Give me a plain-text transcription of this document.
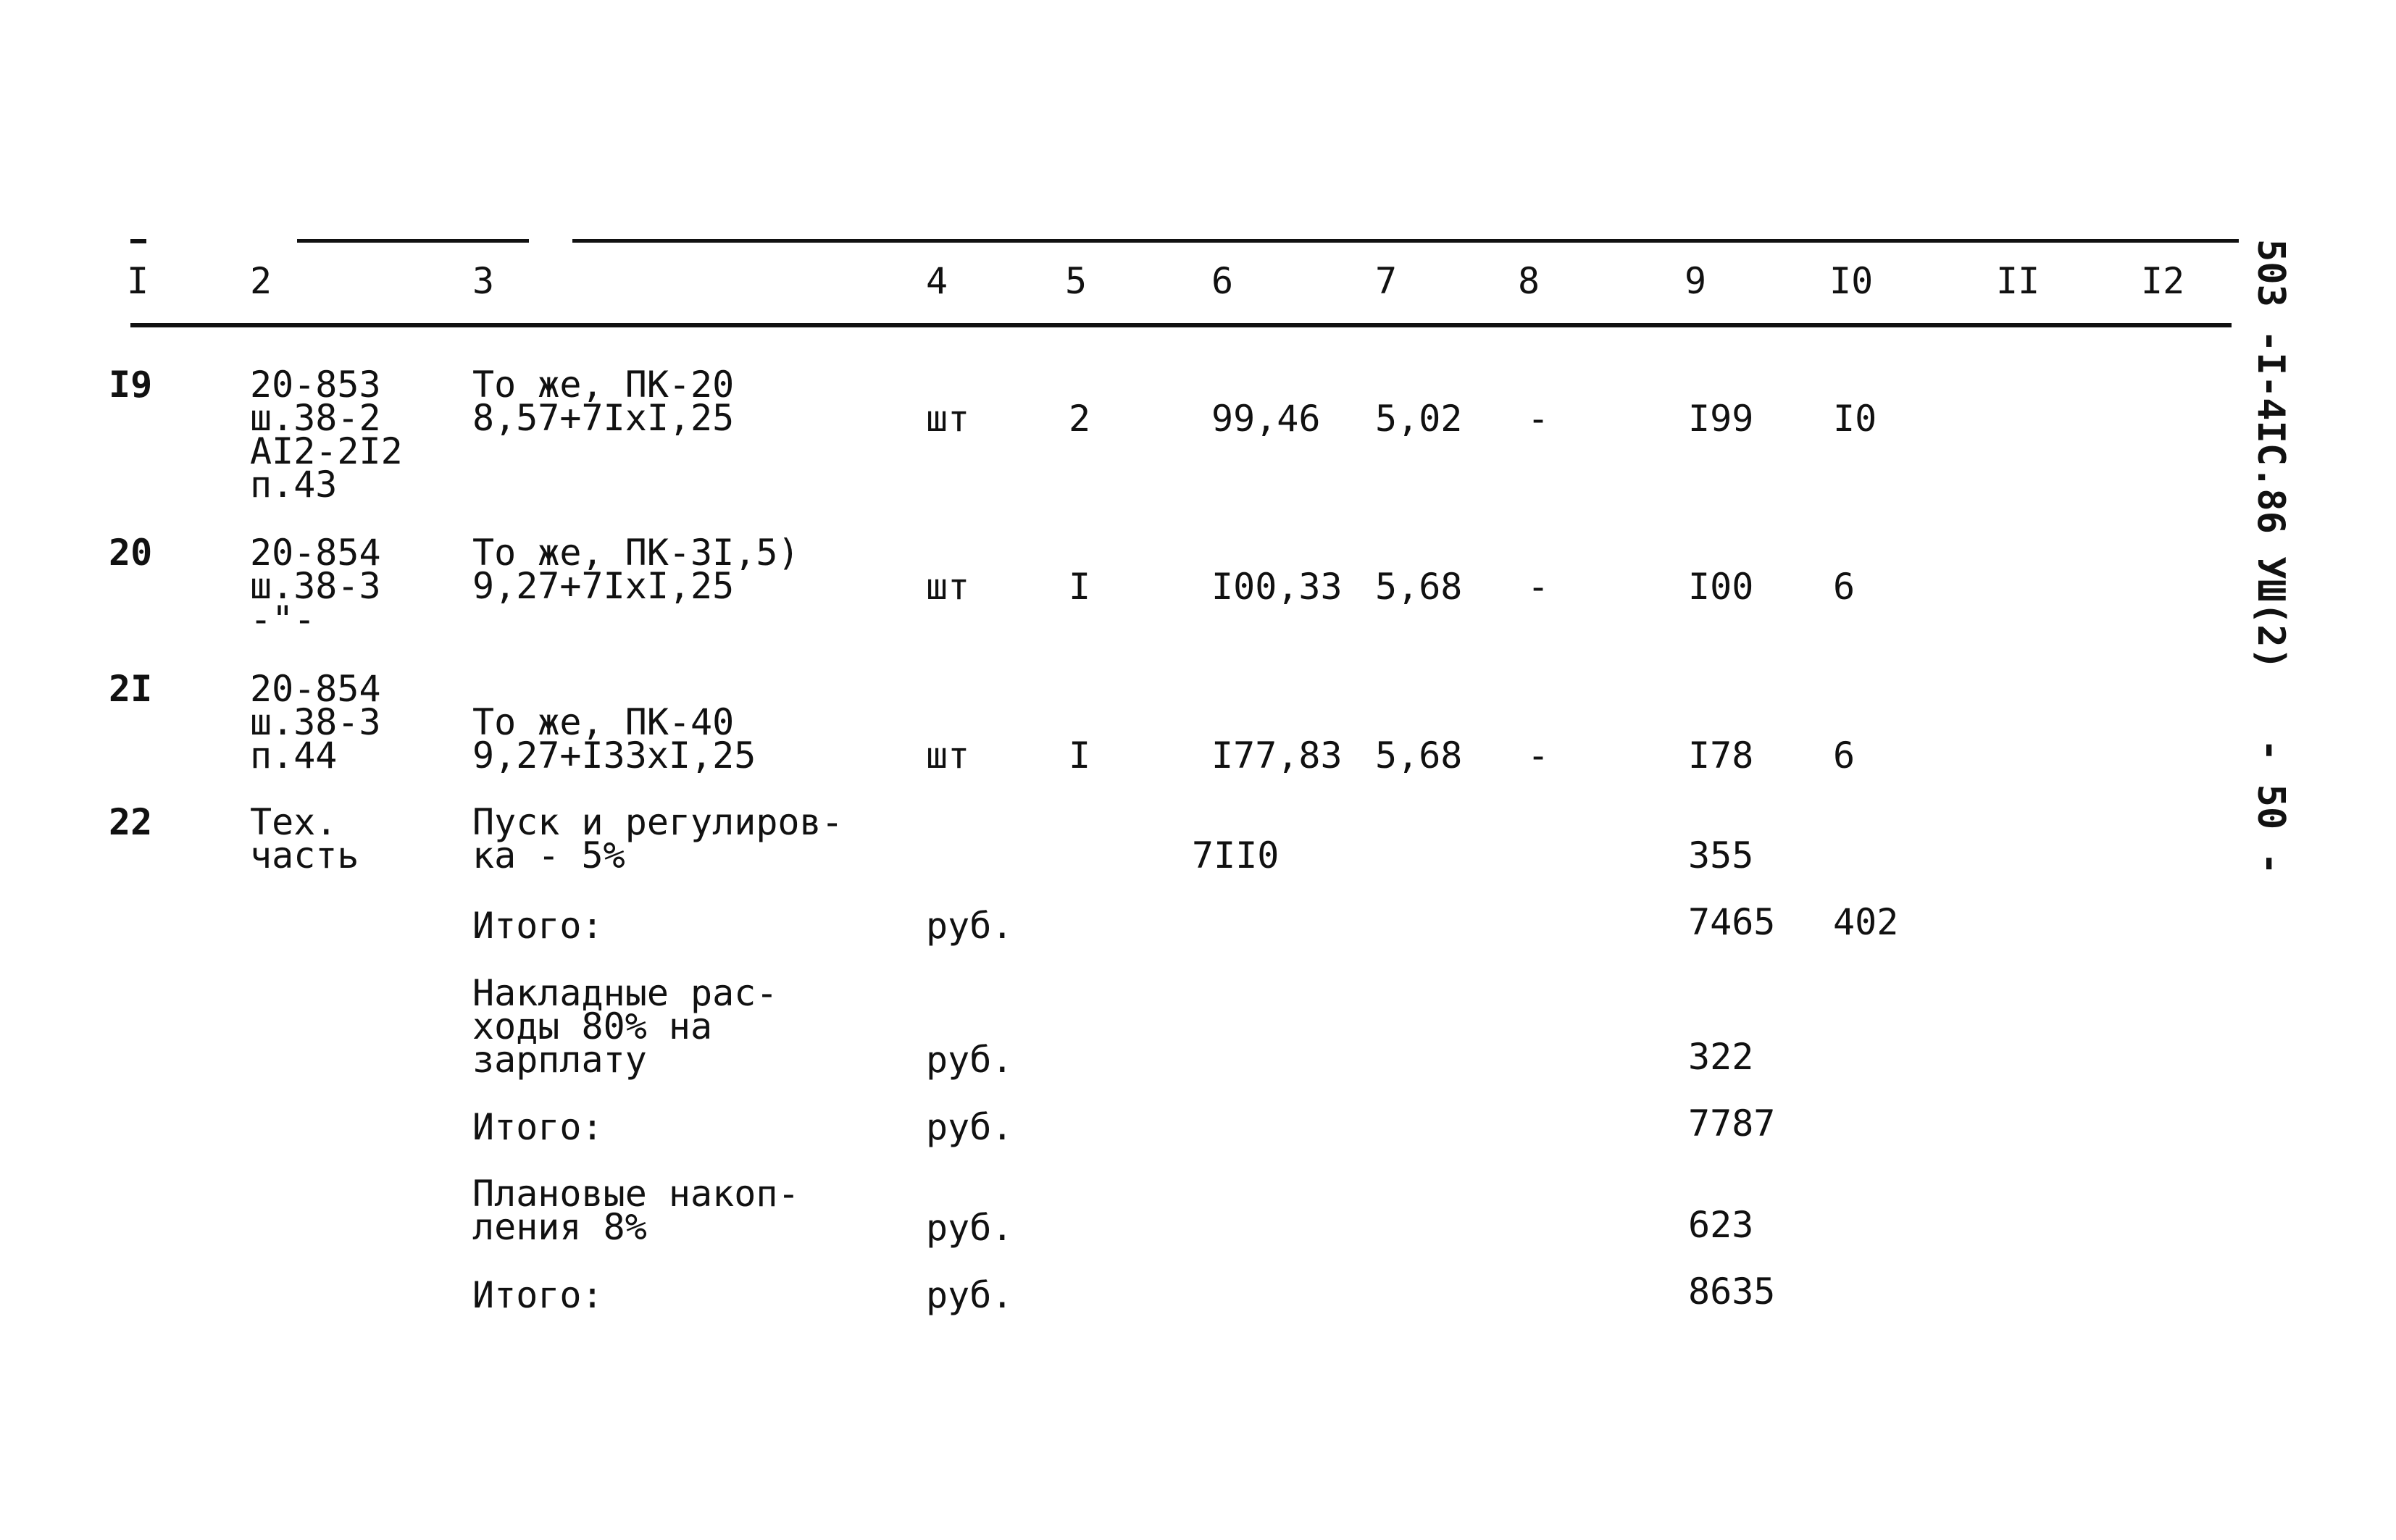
I	2	3	4	5	6	7	8	9	I0	II	I2
I9	20-853
ш.38-2
AI2-2I2
п.43
То же, ПК-20
8,57+7IxI,25	шт	2	99,46 5,02 -	I99 I0
20	20-854
ш.38-3
-"-
То же, ПК-3I,5)
9,27+7IxI,25	шт	I	I00,33 5,68 -	I00 6
2I	20-854
ш.38-3
п.44
То же, ПК-40
9,27+I33xI,25	шт	I	I77,83 5,68 -	I78 6
22	Тех.
часть
Пуск и регулиров-
ка - 5%	7II0	355
Итого:	руб.	7465 402
Накладные рас-
ходы 80% на
зарплату	руб.	322
Итого:	руб.	7787
Плановые накоп-
ления 8%	руб.	623
Итого:	руб.	8635
503 -I-4IC.86 УШ(2)
- 50 -
